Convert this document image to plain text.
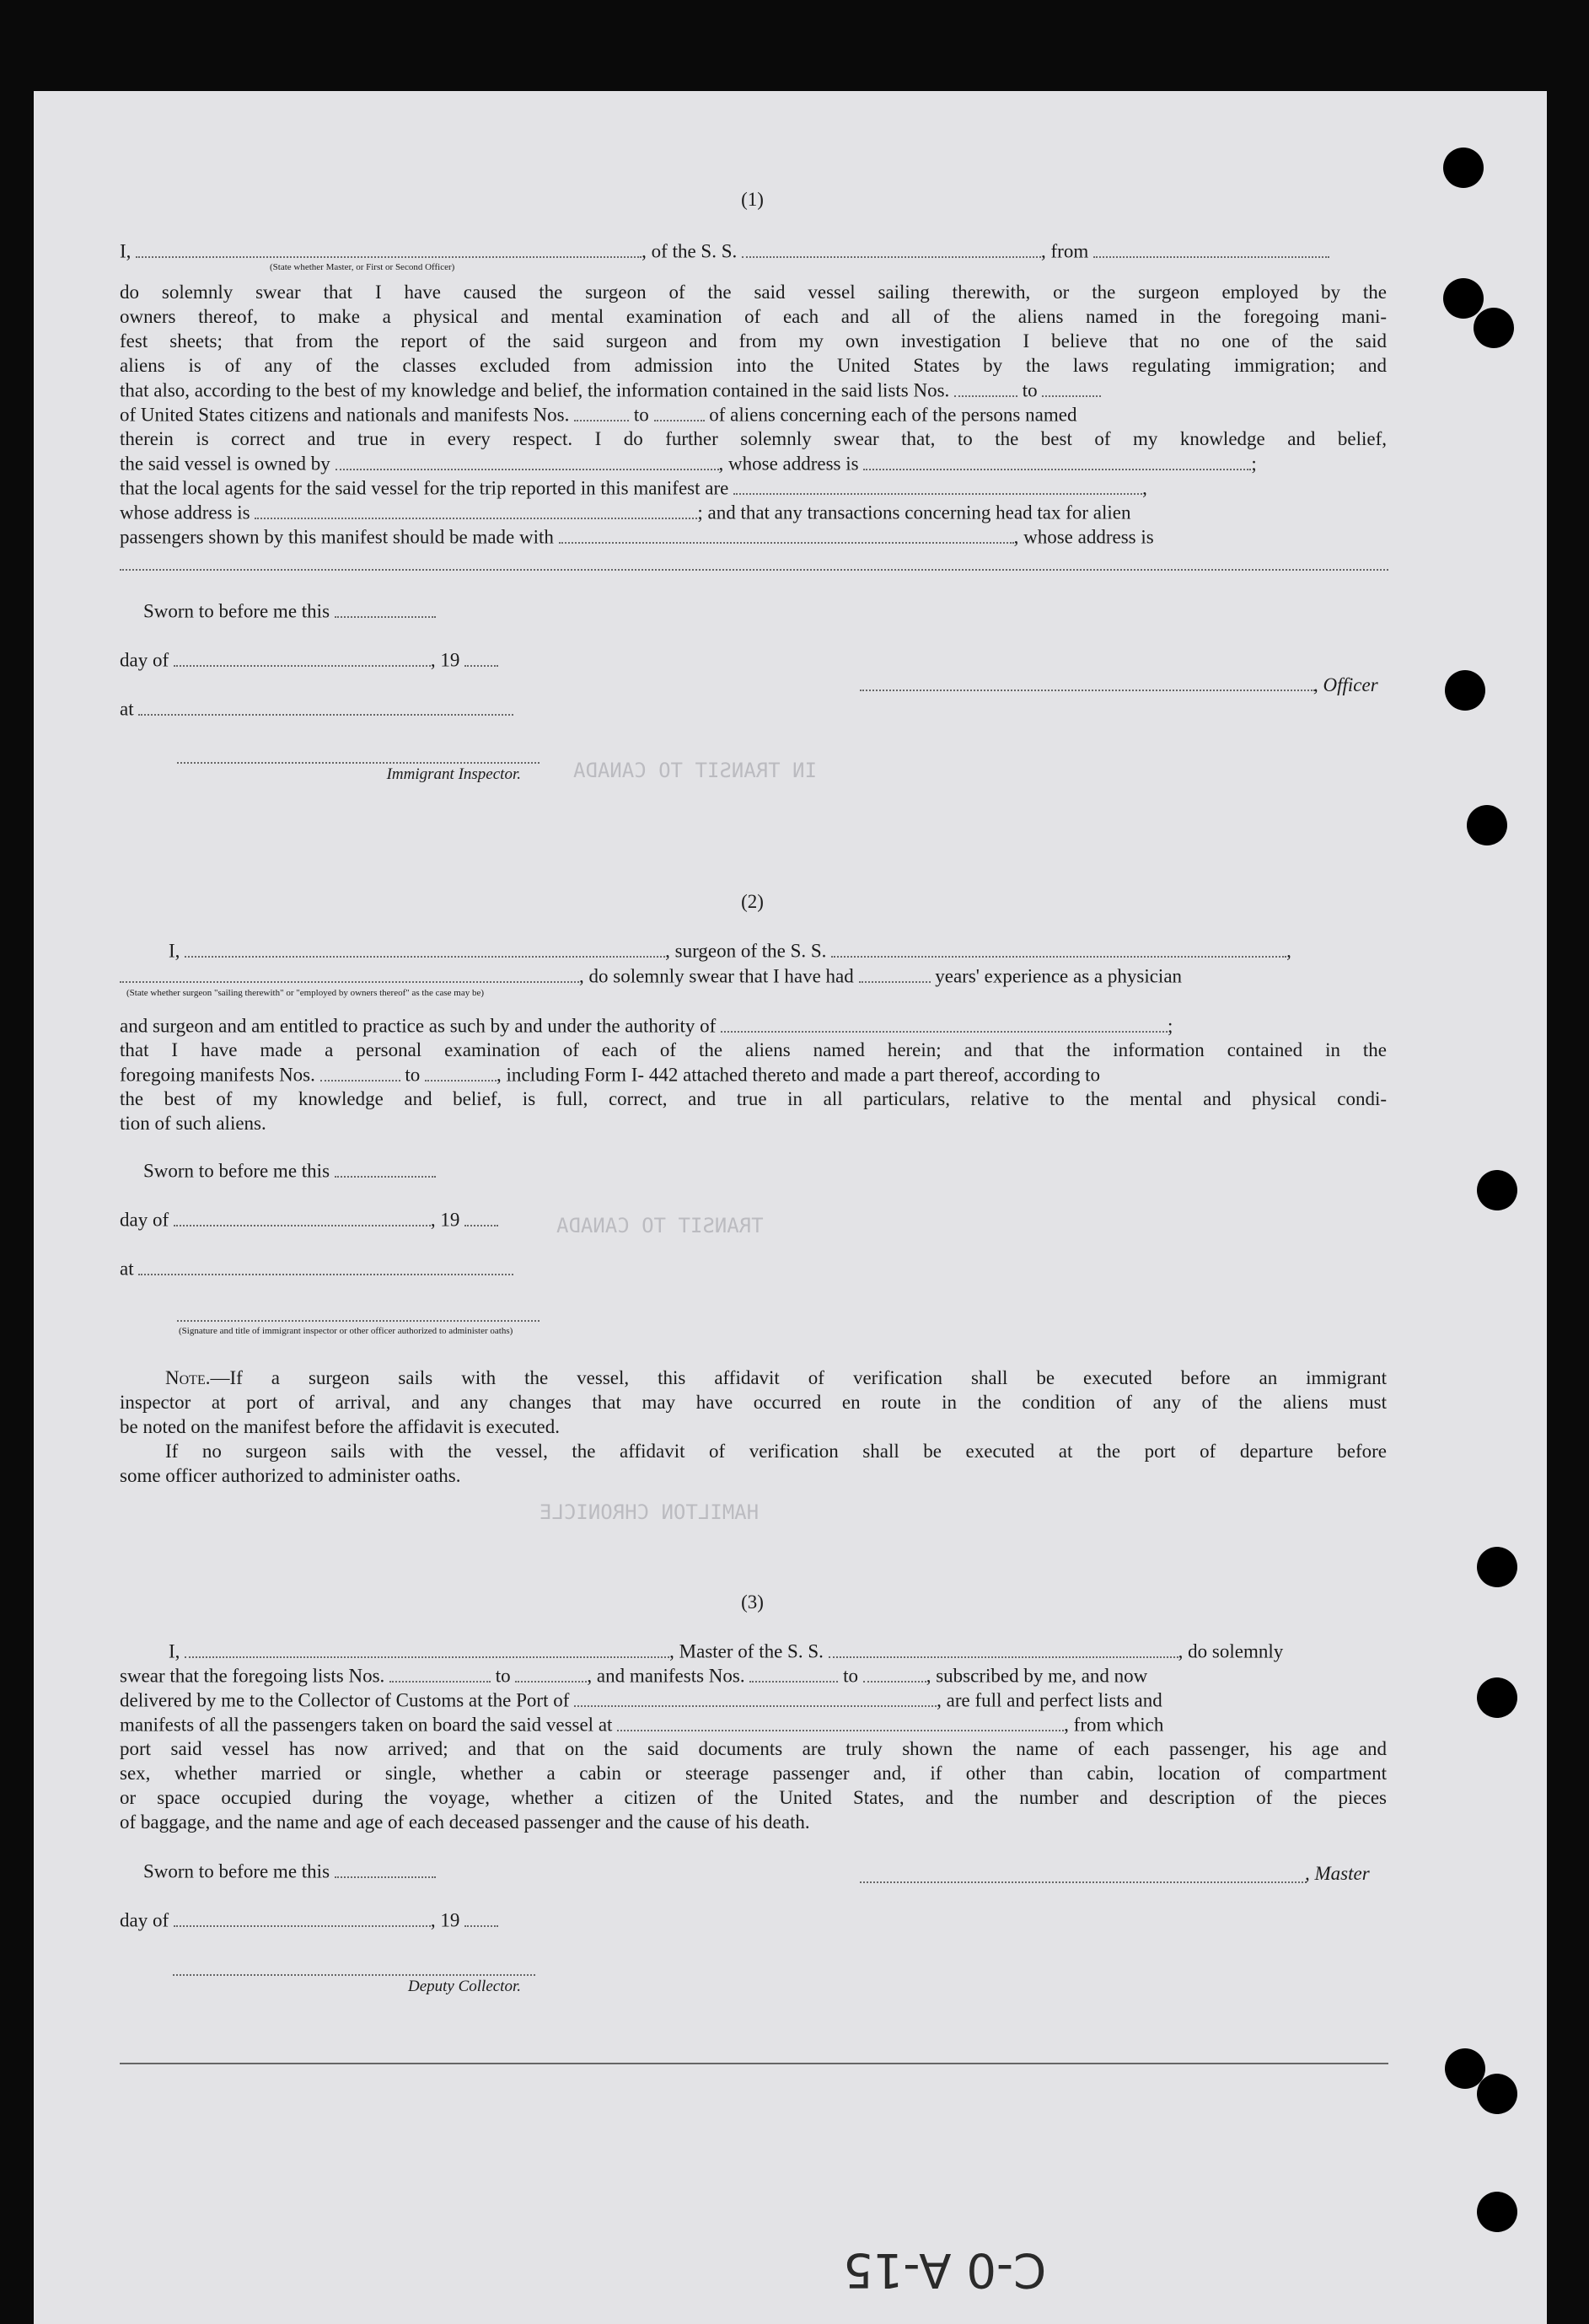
IN TRANSIT TO CANADA
TRANSIT TO CANADA
HAMILTON CHRONICLE
(1)
I,	, of the S. S.	, from
(State whether Master, or First or Second Officer)
do solemnly swear that I have caused the surgeon of the said vessel sailing therewith, or the surgeon employed by the
owners thereof, to make a physical and mental examination of each and all of the aliens named in the foregoing mani-
fest sheets; that from the report of the said surgeon and from my own investigation I believe that no one of the said
aliens is of any of the classes excluded from admission into the United States by the laws regulating immigration; and
that also, according to the best of my knowledge and belief, the information contained in the said lists Nos.	to
of United States citizens and nationals and manifests Nos.	to	of aliens concerning each of the persons named
therein is correct and true in every respect. I do further solemnly swear that, to the best of my knowledge and belief,
the said vessel is owned by	, whose address is	;
that the local agents for the said vessel for the trip reported in this manifest are	,
whose address is	; and that any transactions concerning head tax for alien
passengers shown by this manifest should be made with	, whose address is
Sworn to before me this
day of	, 19
at
, Officer
Immigrant Inspector.
(2)
I,	, surgeon of the S. S.	,
, do solemnly swear that I have had	years' experience as a physician
(State whether surgeon "sailing therewith" or "employed by owners thereof" as the case may be)
and surgeon and am entitled to practice as such by and under the authority of	;
that I have made a personal examination of each of the aliens named herein; and that the information contained in the
foregoing manifests Nos.	to	, including Form I- 442 attached thereto and made a part thereof, according to
the best of my knowledge and belief, is full, correct, and true in all particulars, relative to the mental and physical condi-
tion of such aliens.
Sworn to before me this
day of	, 19
at
(Signature and title of immigrant inspector or other officer authorized to administer oaths)
Note.—If a surgeon sails with the vessel, this affidavit of verification shall be executed before an immigrant
inspector at port of arrival, and any changes that may have occurred en route in the condition of any of the aliens must
be noted on the manifest before the affidavit is executed.
If no surgeon sails with the vessel, the affidavit of verification shall be executed at the port of departure before
some officer authorized to administer oaths.
(3)
I,	, Master of the S. S.	, do solemnly
swear that the foregoing lists Nos.	to	, and manifests Nos.	to	, subscribed by me, and now
delivered by me to the Collector of Customs at the Port of	, are full and perfect lists and
manifests of all the passengers taken on board the said vessel at	, from which
port said vessel has now arrived; and that on the said documents are truly shown the name of each passenger, his age and
sex, whether married or single, whether a cabin or steerage passenger and, if other than cabin, location of compartment
or space occupied during the voyage, whether a citizen of the United States, and the number and description of the pieces
of baggage, and the name and age of each deceased passenger and the cause of his death.
Sworn to before me this	, Master
day of	, 19
Deputy Collector.
C-0 A-15
